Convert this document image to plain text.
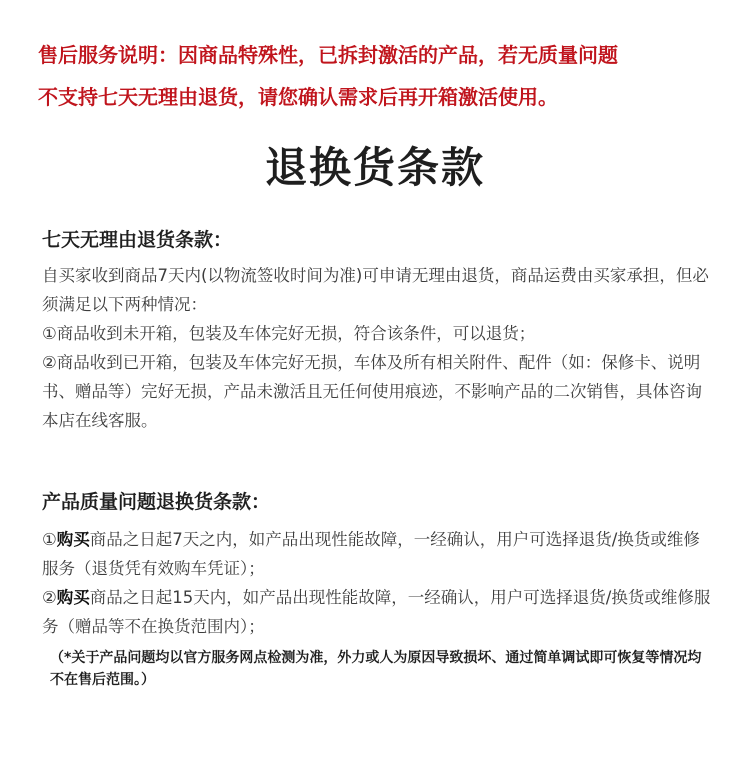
售后服务说明：因商品特殊性，已拆封激活的产品，若无质量问题

不支持七天无理由退货，请您确认需求后再开箱激活使用。

退换货条款
七天无理由退货条款：

自买家收到商品7天内(以物流签收时间为准)可申请无理由退货，商品运费由买家承担，但必须满足以下两种情况：

①商品收到未开箱，包装及车体完好无损，符合该条件，可以退货；

②商品收到已开箱，包装及车体完好无损，车体及所有相关附件、配件（如：保修卡、说明书、赠品等）完好无损，产品未激活且无任何使用痕迹，不影响产品的二次销售，具体咨询本店在线客服。

产品质量问题退换货条款：

①购买商品之日起7天之内，如产品出现性能故障，一经确认，用户可选择退货/换货或维修服务（退货凭有效购车凭证）；

②购买商品之日起15天内，如产品出现性能故障，一经确认，用户可选择退货/换货或维修服务（赠品等不在换货范围内）；

（*关于产品问题均以官方服务网点检测为准，外力或人为原因导致损坏、通过简单调试即可恢复等情况均不在售后范围。）
